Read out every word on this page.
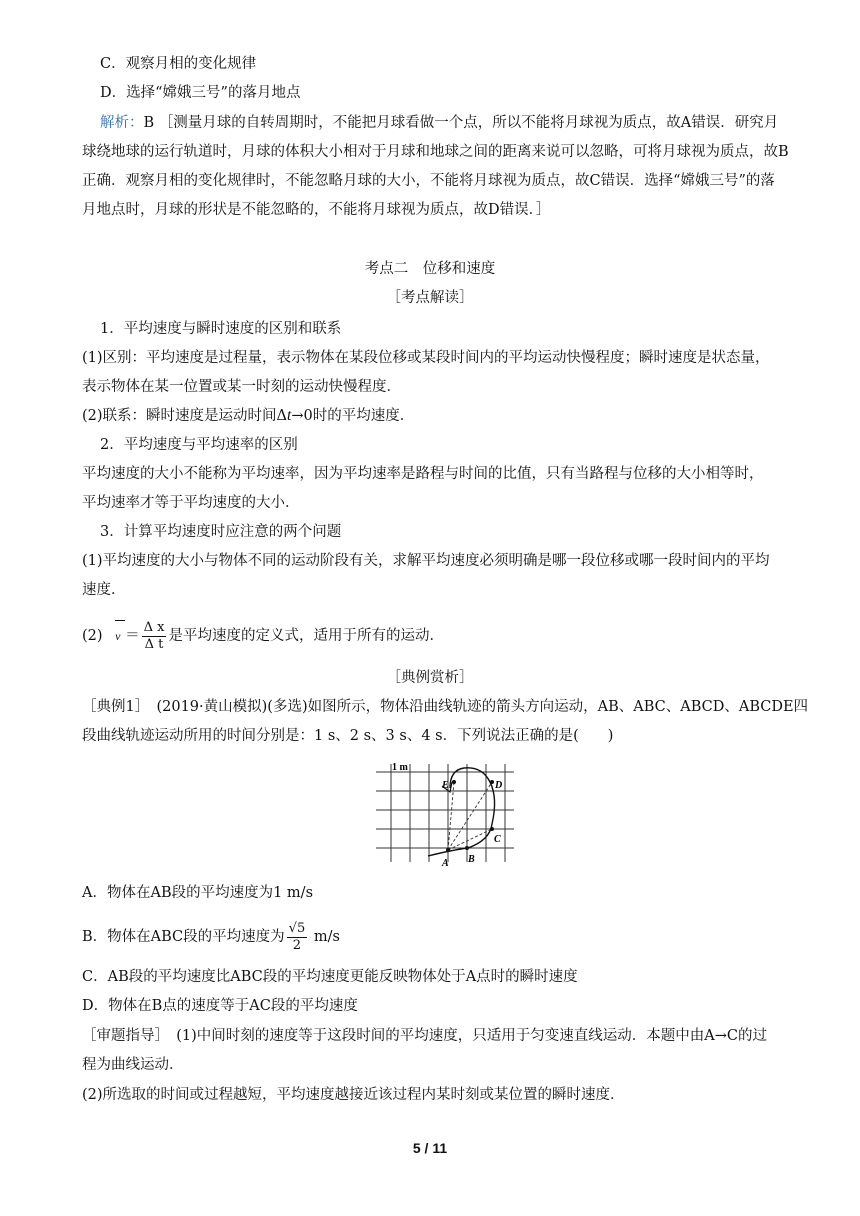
C．观察月相的变化规律
D．选择“嫦娥三号”的落月地点
解析：B ［测量月球的自转周期时，不能把月球看做一个点，所以不能将月球视为质点，故A错误．研究月
球绕地球的运行轨道时，月球的体积大小相对于月球和地球之间的距离来说可以忽略，可将月球视为质点，故B
正确．观察月相的变化规律时，不能忽略月球的大小，不能将月球视为质点，故C错误．选择“嫦娥三号”的落
月地点时，月球的形状是不能忽略的，不能将月球视为质点，故D错误．］
考点二　位移和速度
［考点解读］
1．平均速度与瞬时速度的区别和联系
(1)区别：平均速度是过程量，表示物体在某段位移或某段时间内的平均运动快慢程度；瞬时速度是状态量，
表示物体在某一位置或某一时刻的运动快慢程度．
(2)联系：瞬时速度是运动时间Δt→0时的平均速度．
2．平均速度与平均速率的区别
平均速度的大小不能称为平均速率，因为平均速率是路程与时间的比值，只有当路程与位移的大小相等时，
平均速率才等于平均速度的大小．
3．计算平均速度时应注意的两个问题
(1)平均速度的大小与物体不同的运动阶段有关，求解平均速度必须明确是哪一段位移或哪一段时间内的平均
速度．
(2) $v = \frac{\text{Δ x}}{\text{Δ t}}$ 是平均速度的定义式，适用于所有的运动．
［典例赏析］
［典例1］　(2019·黄山模拟)(多选)如图所示，物体沿曲线轨迹的箭头方向运动，AB、ABC、ABCD、ABCDE四
段曲线轨迹运动所用的时间分别是：1 s、2 s、3 s、4 s．下列说法正确的是(　　)
1 m
A B
C
D
E
A．物体在AB段的平均速度为1 m/s
B．物体在ABC段的平均速度为 $\frac{√5}{2} m/s$
C．AB段的平均速度比ABC段的平均速度更能反映物体处于A点时的瞬时速度
D．物体在B点的速度等于AC段的平均速度
［审题指导］　(1)中间时刻的速度等于这段时间的平均速度，只适用于匀变速直线运动．本题中由A→C的过
程为曲线运动．
(2)所选取的时间或过程越短，平均速度越接近该过程内某时刻或某位置的瞬时速度．
5 / 11
